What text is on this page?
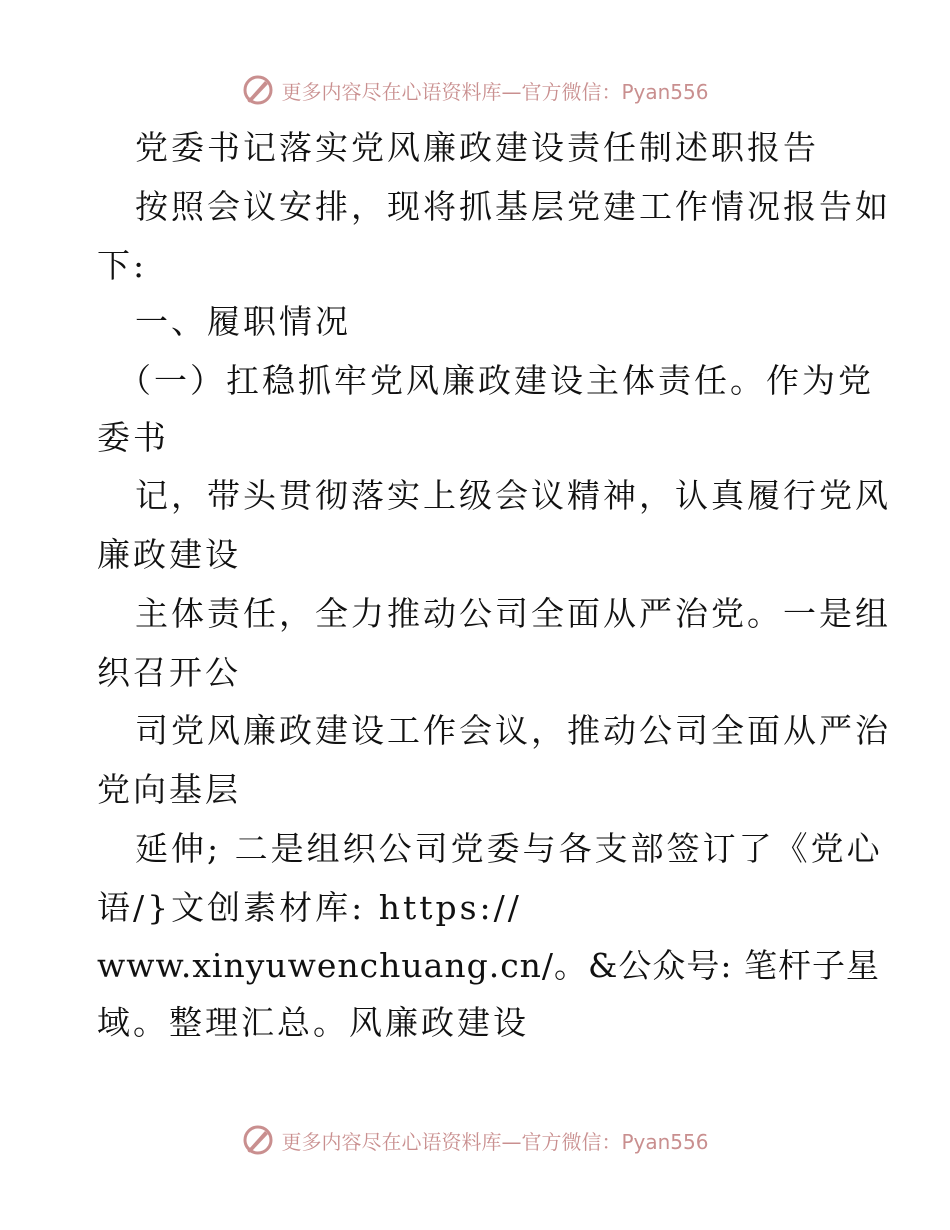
更多内容尽在心语资料库—官方微信：Pyan556
党委书记落实党风廉政建设责任制述职报告
按照会议安排，现将抓基层党建工作情况报告如
下:
一、履职情况
（一）扛稳抓牢党风廉政建设主体责任。作为党
委书
记，带头贯彻落实上级会议精神，认真履行党风
廉政建设
主体责任，全力推动公司全面从严治党。一是组
织召开公
司党风廉政建设工作会议，推动公司全面从严治
党向基层
延伸; 二是组织公司党委与各支部签订了《党心
语/}文创素材库: https://
www.xinyuwenchuang.cn/。&公众号: 笔杆子星
域。整理汇总。风廉政建设
更多内容尽在心语资料库—官方微信：Pyan556
